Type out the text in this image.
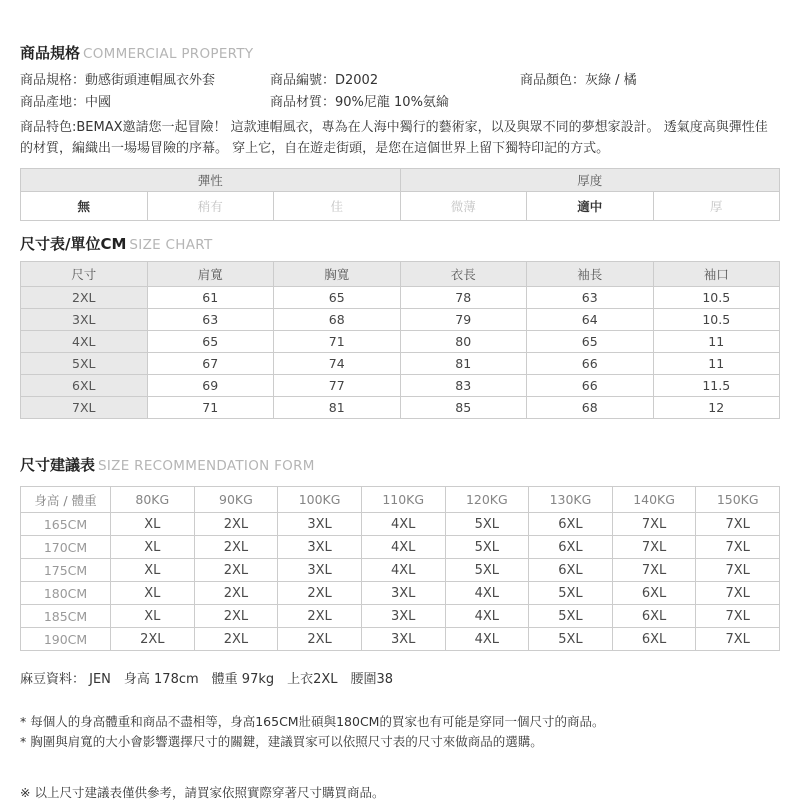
商品規格 COMMERCIAL PROPERTY
商品規格：動感街頭連帽風衣外套	商品編號：D2002	商品顏色：灰綠 / 橘
商品產地：中國	商品材質：90%尼龍 10%氨綸

商品特色:BEMAX邀請您一起冒險！ 這款連帽風衣，專為在人海中獨行的藝術家，以及與眾不同的夢想家設計。 透氣度高與彈性佳的材質，編織出一場場冒險的序幕。 穿上它，自在遊走街頭，是您在這個世界上留下獨特印記的方式。

彈性			厚度		
無	稍有	佳	微薄	適中	厚
尺寸表/單位CM SIZE CHART
尺寸	肩寬	胸寬	衣長	袖長	袖口
2XL	61	65	78	63	10.5
3XL	63	68	79	64	10.5
4XL	65	71	80	65	11
5XL	67	74	81	66	11
6XL	69	77	83	66	11.5
7XL	71	81	85	68	12
尺寸建議表 SIZE RECOMMENDATION FORM
身高 / 體重	80KG	90KG	100KG	110KG	120KG	130KG	140KG	150KG
165CM	XL	2XL	3XL	4XL	5XL	6XL	7XL	7XL
170CM	XL	2XL	3XL	4XL	5XL	6XL	7XL	7XL
175CM	XL	2XL	3XL	4XL	5XL	6XL	7XL	7XL
180CM	XL	2XL	2XL	3XL	4XL	5XL	6XL	7XL
185CM	XL	2XL	2XL	3XL	4XL	5XL	6XL	7XL
190CM	2XL	2XL	2XL	3XL	4XL	5XL	6XL	7XL
麻豆資料： JEN　身高 178cm　體重 97kg　上衣2XL　腰圍38
* 每個人的身高體重和商品不盡相等，身高165CM壯碩與180CM的買家也有可能是穿同一個尺寸的商品。
* 胸圍與肩寬的大小會影響選擇尺寸的關鍵，建議買家可以依照尺寸表的尺寸來做商品的選購。
※ 以上尺寸建議表僅供參考，請買家依照實際穿著尺寸購買商品。
